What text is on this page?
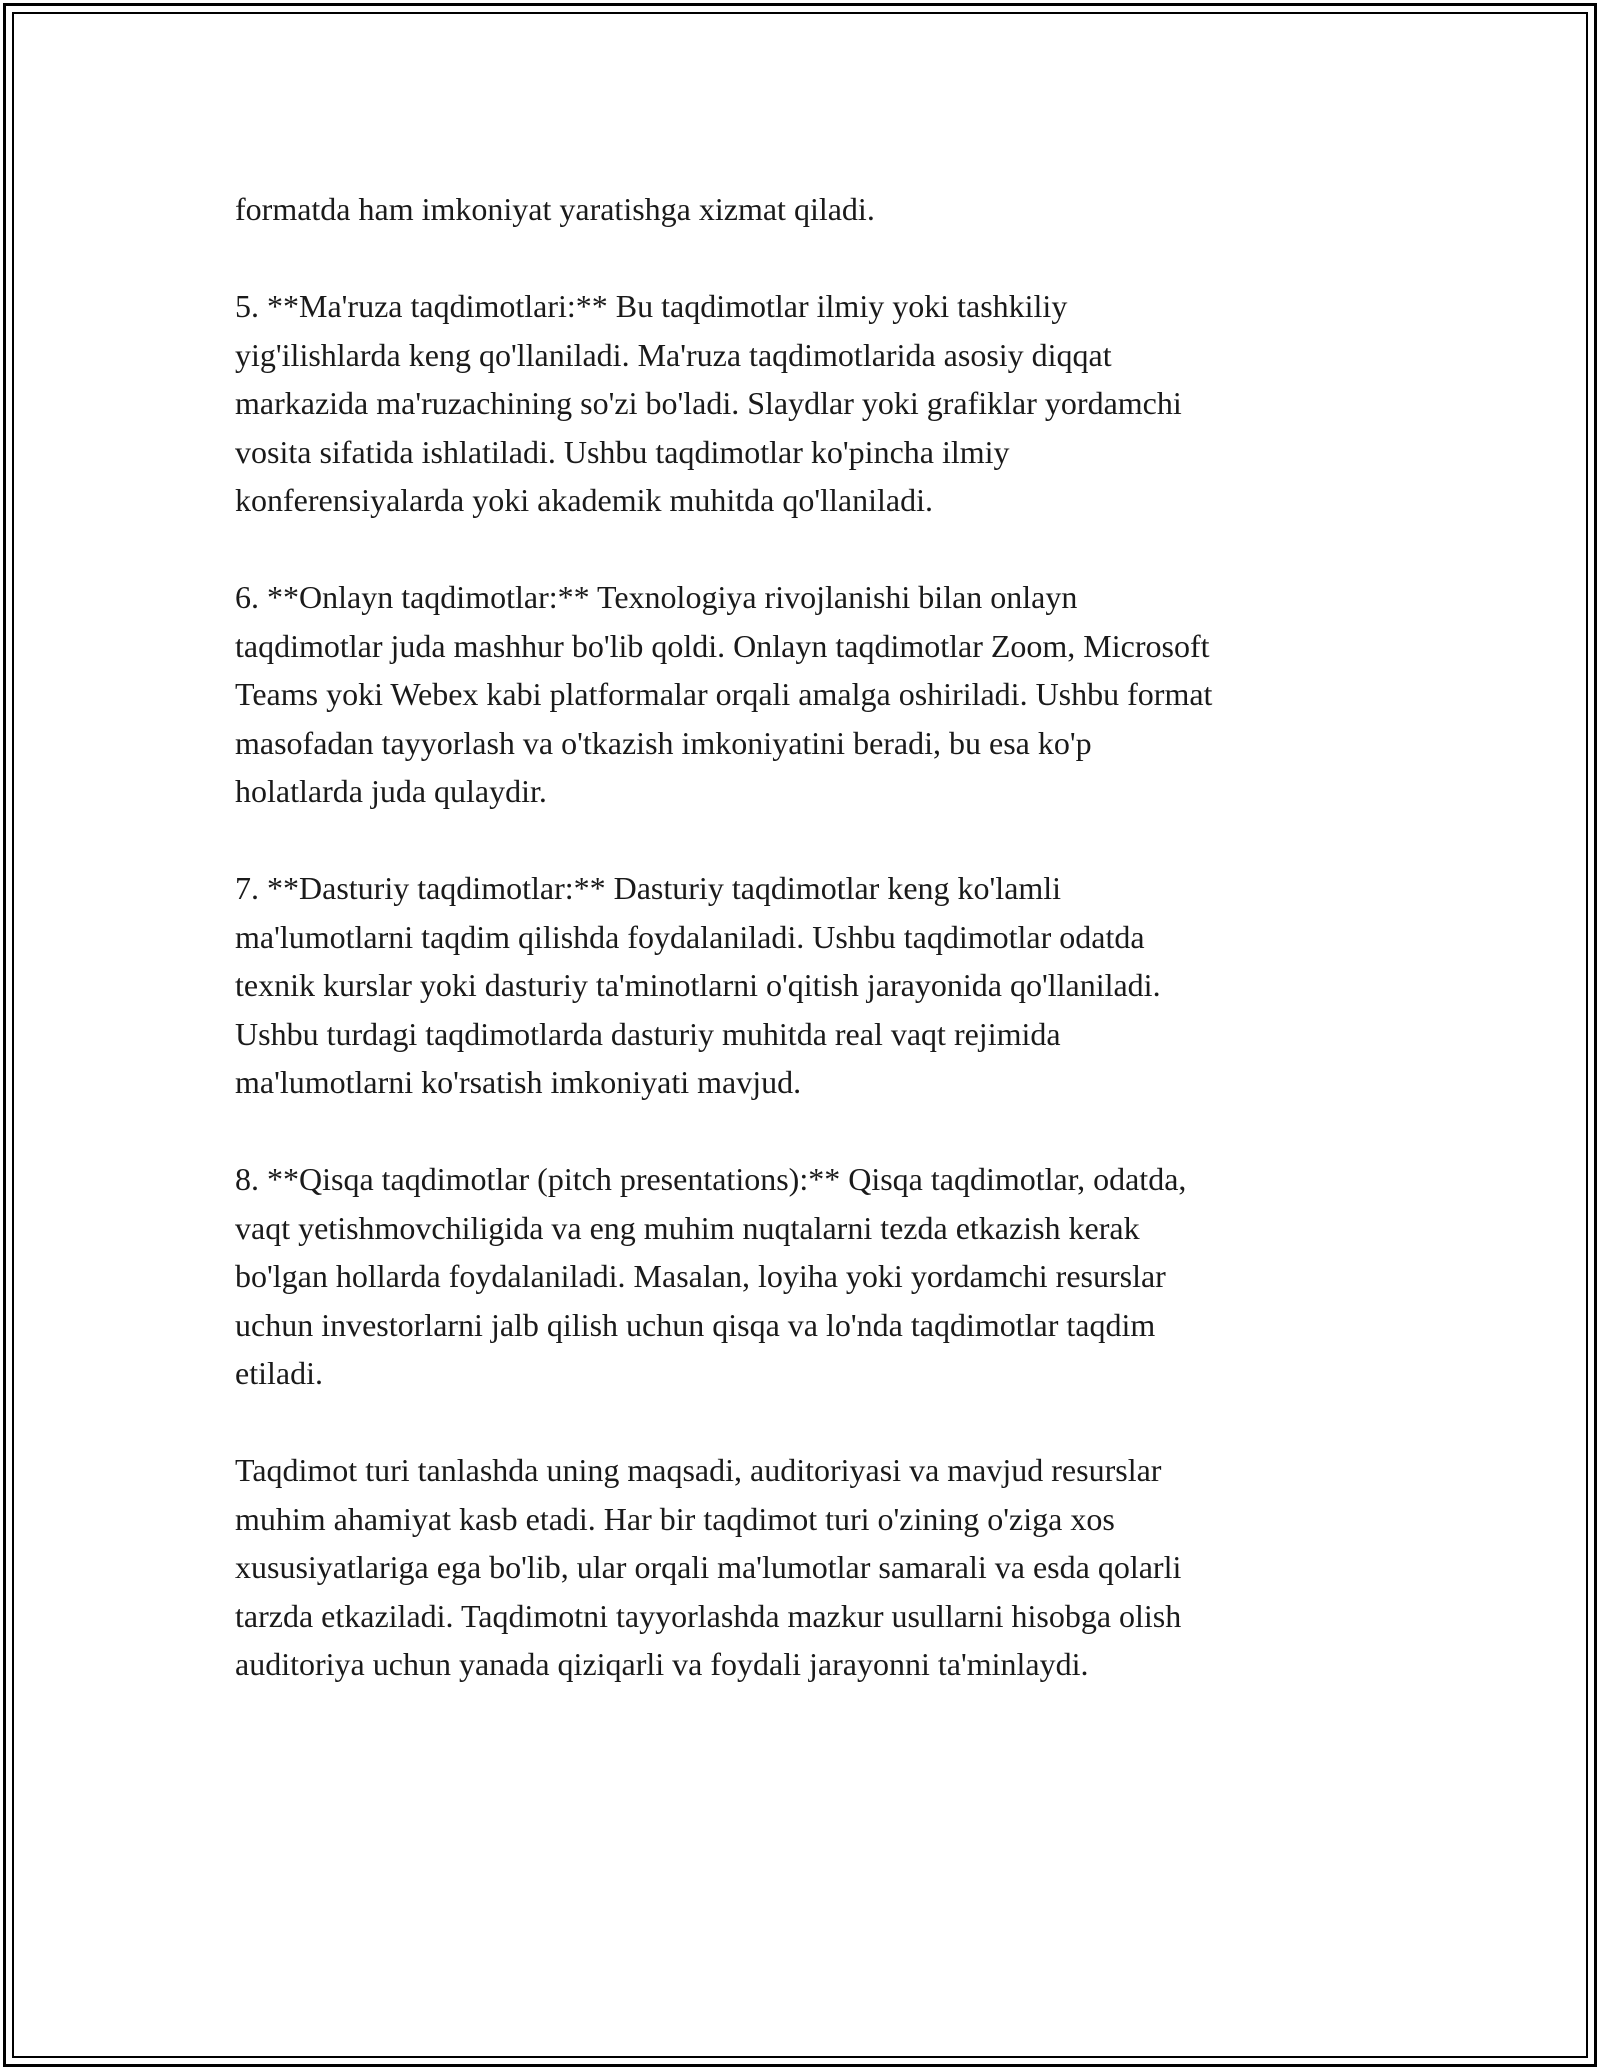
formatda ham imkoniyat yaratishga xizmat qiladi.

5. **Ma'ruza taqdimotlari:** Bu taqdimotlar ilmiy yoki tashkiliy
yig'ilishlarda keng qo'llaniladi. Ma'ruza taqdimotlarida asosiy diqqat
markazida ma'ruzachining so'zi bo'ladi. Slaydlar yoki grafiklar yordamchi
vosita sifatida ishlatiladi. Ushbu taqdimotlar ko'pincha ilmiy
konferensiyalarda yoki akademik muhitda qo'llaniladi.

6. **Onlayn taqdimotlar:** Texnologiya rivojlanishi bilan onlayn
taqdimotlar juda mashhur bo'lib qoldi. Onlayn taqdimotlar Zoom, Microsoft
Teams yoki Webex kabi platformalar orqali amalga oshiriladi. Ushbu format
masofadan tayyorlash va o'tkazish imkoniyatini beradi, bu esa ko'p
holatlarda juda qulaydir.

7. **Dasturiy taqdimotlar:** Dasturiy taqdimotlar keng ko'lamli
ma'lumotlarni taqdim qilishda foydalaniladi. Ushbu taqdimotlar odatda
texnik kurslar yoki dasturiy ta'minotlarni o'qitish jarayonida qo'llaniladi.
Ushbu turdagi taqdimotlarda dasturiy muhitda real vaqt rejimida
ma'lumotlarni ko'rsatish imkoniyati mavjud.

8. **Qisqa taqdimotlar (pitch presentations):** Qisqa taqdimotlar, odatda,
vaqt yetishmovchiligida va eng muhim nuqtalarni tezda etkazish kerak
bo'lgan hollarda foydalaniladi. Masalan, loyiha yoki yordamchi resurslar
uchun investorlarni jalb qilish uchun qisqa va lo'nda taqdimotlar taqdim
etiladi.

Taqdimot turi tanlashda uning maqsadi, auditoriyasi va mavjud resurslar
muhim ahamiyat kasb etadi. Har bir taqdimot turi o'zining o'ziga xos
xususiyatlariga ega bo'lib, ular orqali ma'lumotlar samarali va esda qolarli
tarzda etkaziladi. Taqdimotni tayyorlashda mazkur usullarni hisobga olish
auditoriya uchun yanada qiziqarli va foydali jarayonni ta'minlaydi.
